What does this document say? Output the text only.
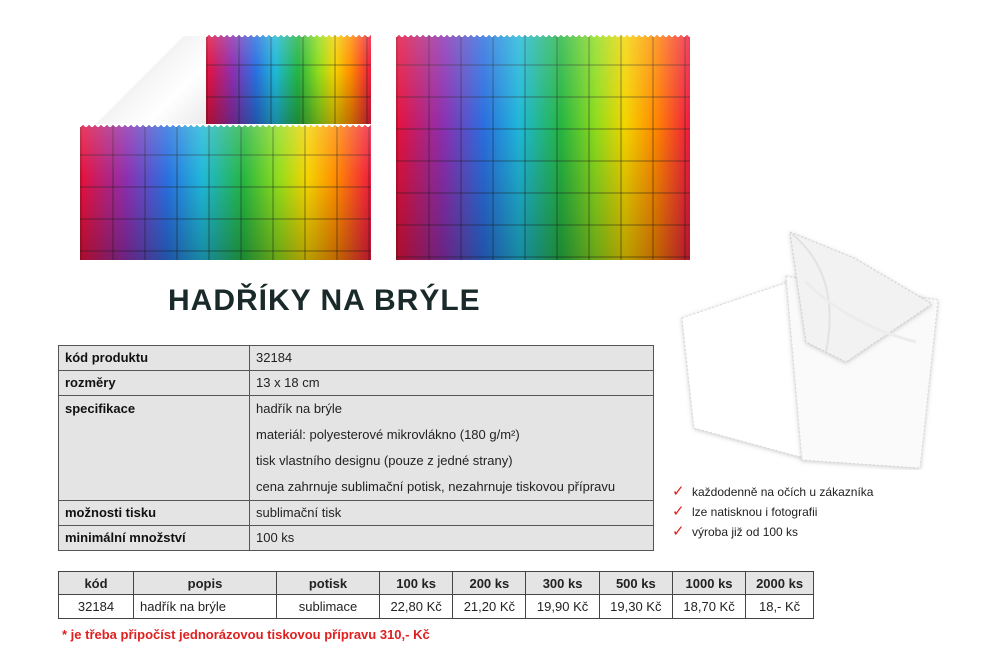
HADŘÍKY NA BRÝLE
kód produktu	32184
rozměry	13 x 18 cm
specifikace	hadřík na brýle
materiál: polyesterové mikrovlákno (180 g/m²)
tisk vlastního designu (pouze z jedné strany)
cena zahrnuje sublimační potisk, nezahrnuje tiskovou přípravu

možnosti tisku	sublimační tisk
minimální množství	100 ks
✓ každodenně na očích u zákazníka
✓ lze natisknou i fotografii
✓ výroba již od 100 ks
kód	popis	potisk	100 ks	200 ks	300 ks	500 ks	1000 ks	2000 ks
32184	hadřík na brýle	sublimace	22,80 Kč	21,20 Kč	19,90 Kč	19,30 Kč	18,70 Kč	18,- Kč

* je třeba připočíst jednorázovou tiskovou přípravu 310,- Kč
